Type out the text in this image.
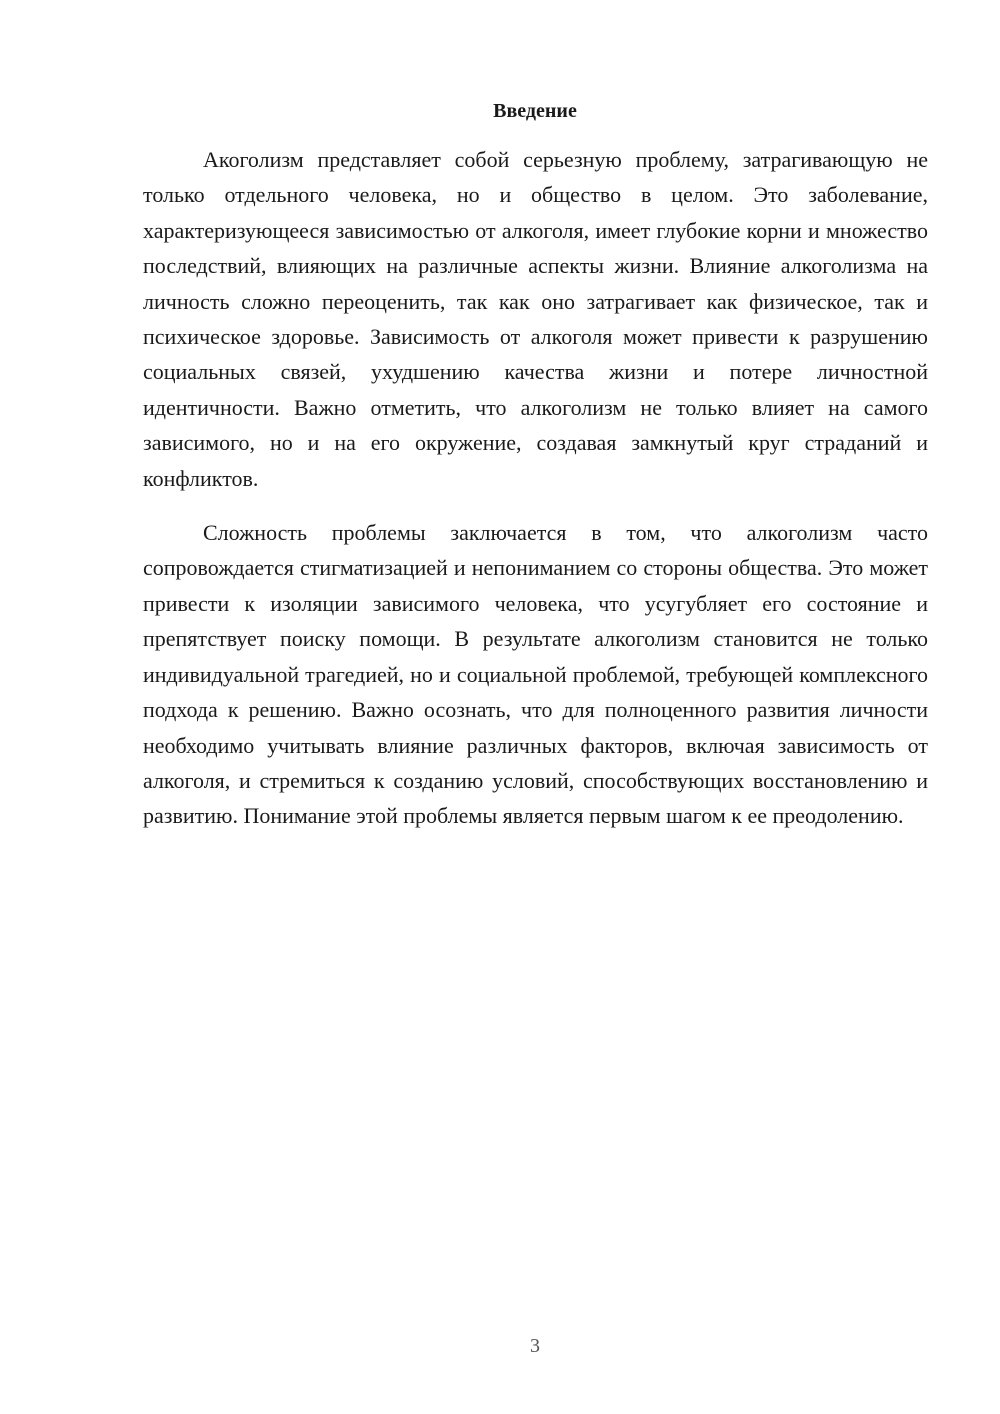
Введение

Акоголизм представляет собой серьезную проблему, затрагивающую не только отдельного человека, но и общество в целом. Это заболевание, характеризующееся зависимостью от алкоголя, имеет глубокие корни и множество последствий, влияющих на различные аспекты жизни. Влияние алкоголизма на личность сложно переоценить, так как оно затрагивает как физическое, так и психическое здоровье. Зависимость от алкоголя может привести к разрушению социальных связей, ухудшению качества жизни и потере личностной идентичности. Важно отметить, что алкоголизм не только влияет на самого зависимого, но и на его окружение, создавая замкнутый круг страданий и конфликтов.

Сложность проблемы заключается в том, что алкоголизм часто сопровождается стигматизацией и непониманием со стороны общества. Это может привести к изоляции зависимого человека, что усугубляет его состояние и препятствует поиску помощи. В результате алкоголизм становится не только индивидуальной трагедией, но и социальной проблемой, требующей комплексного подхода к решению. Важно осознать, что для полноценного развития личности необходимо учитывать влияние различных факторов, включая зависимость от алкоголя, и стремиться к созданию условий, способствующих восстановлению и развитию. Понимание этой проблемы является первым шагом к ее преодолению.

3
